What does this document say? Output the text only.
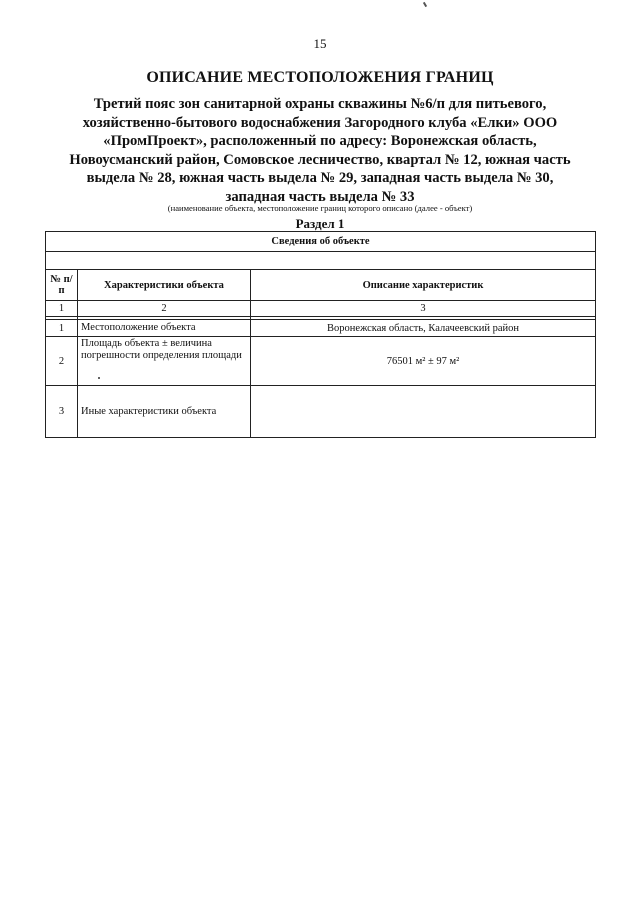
15
ОПИСАНИЕ МЕСТОПОЛОЖЕНИЯ ГРАНИЦ
Третий пояс зон санитарной охраны скважины №6/п для питьевого,
хозяйственно-бытового водоснабжения Загородного клуба «Елки» ООО
«ПромПроект», расположенный по адресу: Воронежская область,
Новоусманский район, Сомовское лесничество, квартал № 12, южная часть
выдела № 28, южная часть выдела № 29, западная часть выдела № 30,
западная часть выдела № 33
(наименование объекта, местоположение границ которого описано (далее - объект)
Раздел 1
Сведения об объекте		

№ п/п	Характеристики объекта	Описание характеристик
1	2	3

1	Местоположение объекта	Воронежская область, Калачеевский район
2	Площадь объекта ± величина погрешности определения площади	76501 м² ± 97 м²
3	Иные характеристики объекта	
